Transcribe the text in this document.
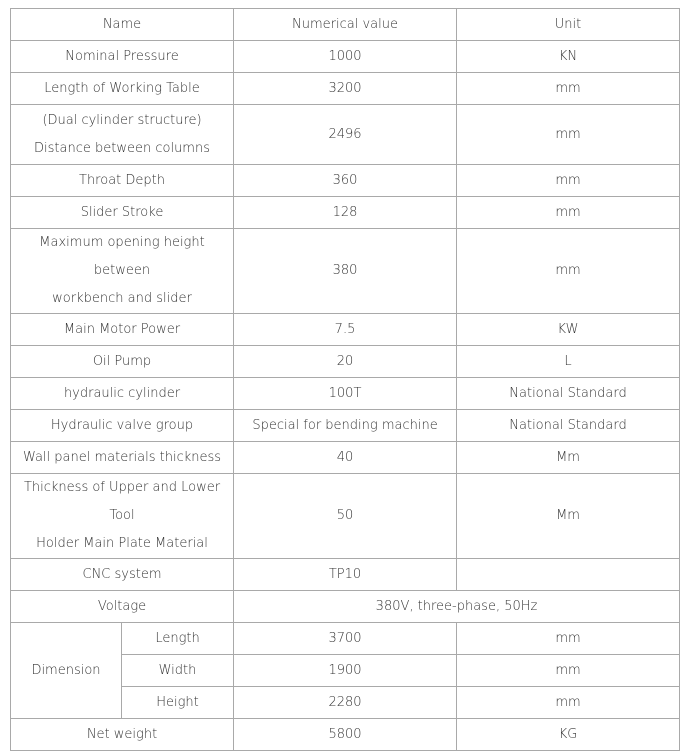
Name		Numerical value	Unit
Nominal Pressure		1000	KN
Length of Working Table		3200	mm

(Dual cylinder structure)
Distance between columns		2496	mm
Throat Depth		360	mm
Slider Stroke		128	mm

Maximum opening height between
workbench and slider		380	mm
Main Motor Power		7.5	KW
Oil Pump		20	L
hydraulic cylinder		100T	National Standard
Hydraulic valve group		Special for bending machine	National Standard
Wall panel materials thickness		40	Mm

Thickness of Upper and Lower Tool
Holder Main Plate Material		50	Mm
CNC system		TP10	
Voltage		380V, three-phase, 50Hz	
Dimension	Length	3700	mm
	Width	1900	mm
	Height	2280	mm
Net weight		5800	KG
